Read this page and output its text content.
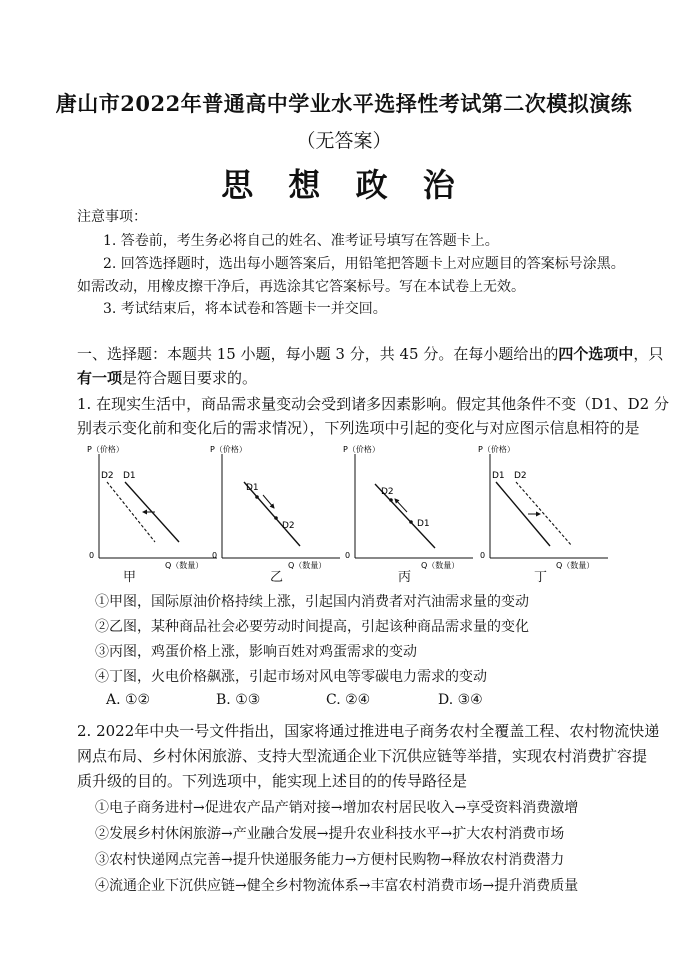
唐山市2022年普通高中学业水平选择性考试第二次模拟演练
（无答案）
思 想 政 治
注意事项：
1. 答卷前，考生务必将自己的姓名、准考证号填写在答题卡上。
2. 回答选择题时，选出每小题答案后，用铅笔把答题卡上对应题目的答案标号涂黑。
如需改动，用橡皮擦干净后，再选涂其它答案标号。写在本试卷上无效。
3. 考试结束后，将本试卷和答题卡一并交回。
一、选择题：本题共 15 小题，每小题 3 分，共 45 分。在每小题给出的四个选项中，只
有一项是符合题目要求的。
1. 在现实生活中，商品需求量变动会受到诸多因素影响。假定其他条件不变（D1、D2 分
别表示变化前和变化后的需求情况），下列选项中引起的变化与对应图示信息相符的是
P（价格）
Q（数量）
0
D2 D1
甲
P（价格）
Q（数量）
0
D1
D2
乙
P（价格）
Q（数量）
0
D2
D1
丙
P（价格）
Q（数量）
0
D1 D2
丁
①甲图，国际原油价格持续上涨，引起国内消费者对汽油需求量的变动
②乙图，某种商品社会必要劳动时间提高，引起该种商品需求量的变化
③丙图，鸡蛋价格上涨，影响百姓对鸡蛋需求的变动
④丁图，火电价格飙涨，引起市场对风电等零碳电力需求的变动
A. ①②	B. ①③	C. ②④	D. ③④
2. 2022年中央一号文件指出，国家将通过推进电子商务农村全覆盖工程、农村物流快递
网点布局、乡村休闲旅游、支持大型流通企业下沉供应链等举措，实现农村消费扩容提
质升级的目的。下列选项中，能实现上述目的的传导路径是
①电子商务进村→促进农产品产销对接→增加农村居民收入→享受资料消费激增
②发展乡村休闲旅游→产业融合发展→提升农业科技水平→扩大农村消费市场
③农村快递网点完善→提升快递服务能力→方便村民购物→释放农村消费潜力
④流通企业下沉供应链→健全乡村物流体系→丰富农村消费市场→提升消费质量
